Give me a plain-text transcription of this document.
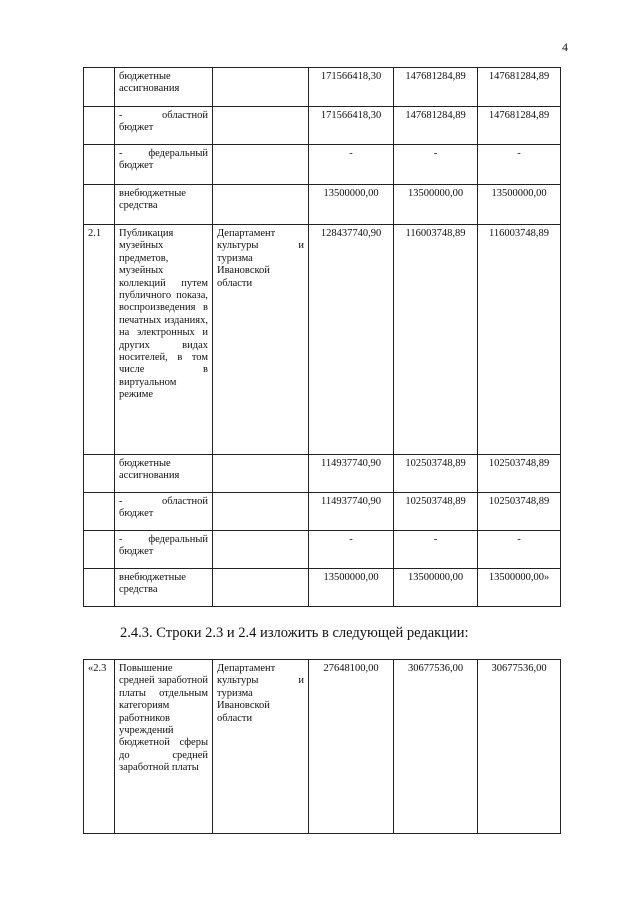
4
	бюджетные ассигнования		171566418,30	147681284,89	147681284,89
	- областной бюджет		171566418,30	147681284,89	147681284,89
	- федеральный бюджет		-	-	-
	внебюджетные средства		13500000,00	13500000,00	13500000,00
2.1	Публикация музейных предметов, музейных коллекций путем публичного показа, воспроизведения в печатных изданиях, на электронных и других видах носителей, в том числе в виртуальном режиме	Департамент культуры и туризма Ивановской области	128437740,90	116003748,89	116003748,89
	бюджетные ассигнования		114937740,90	102503748,89	102503748,89
	- областной бюджет		114937740,90	102503748,89	102503748,89
	- федеральный бюджет		-	-	-
	внебюджетные средства		13500000,00	13500000,00	13500000,00»
2.4.3. Строки 2.3 и 2.4 изложить в следующей редакции:
«2.3	Повышение средней заработной платы отдельным категориям работников учреждений бюджетной сферы до средней заработной платы	Департамент культуры и туризма Ивановской области	27648100,00	30677536,00	30677536,00
